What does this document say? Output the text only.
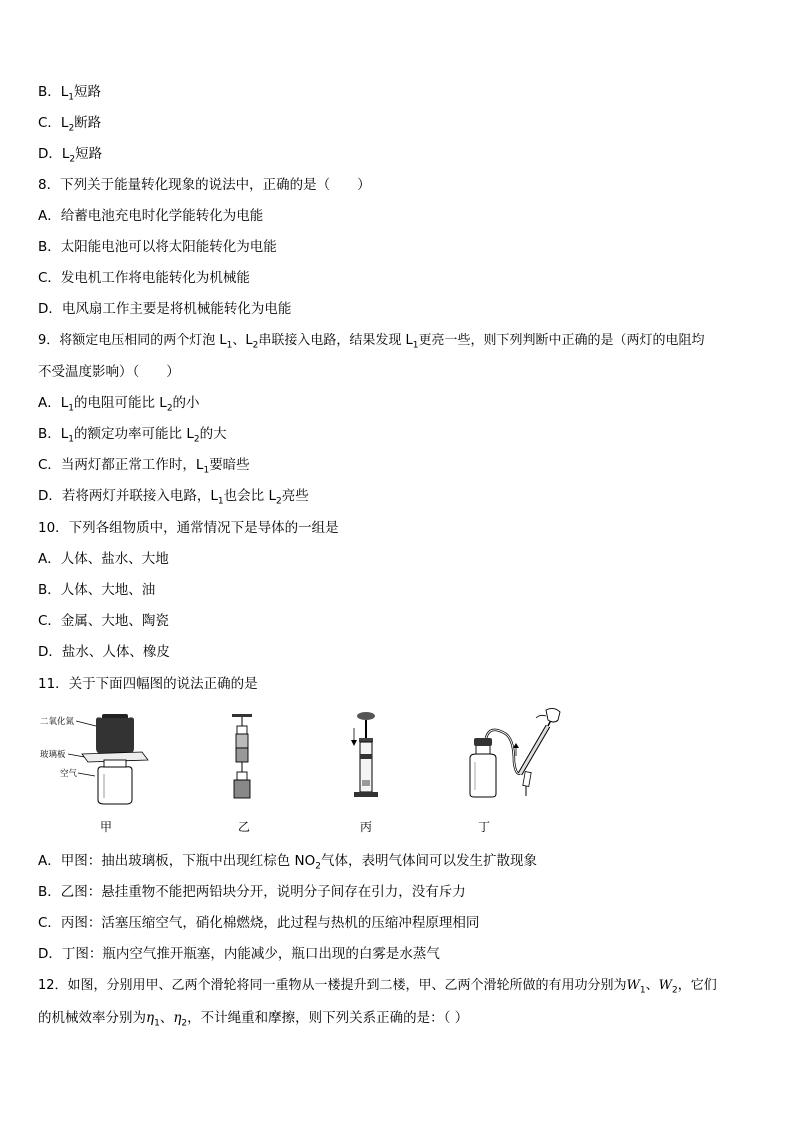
B．$L_1$短路
C．$L_2$断路
D．$L_2$短路
8．下列关于能量转化现象的说法中，正确的是（　　）
A．给蓄电池充电时化学能转化为电能
B．太阳能电池可以将太阳能转化为电能
C．发电机工作将电能转化为机械能
D．电风扇工作主要是将机械能转化为电能
9．将额定电压相同的两个灯泡 $L_1$、$L_2$串联接入电路，结果发现 $L_1$更亮一些，则下列判断中正确的是（两灯的电阻均
不受温度影响）（　　）
A．$L_1$的电阻可能比 $L_2$的小
B．$L_1$的额定功率可能比 $L_2$的大
C．当两灯都正常工作时，$L_1$要暗些
D．若将两灯并联接入电路，$L_1$也会比 $L_2$亮些
10．下列各组物质中，通常情况下是导体的一组是
A．人体、盐水、大地
B．人体、大地、油
C．金属、大地、陶瓷
D．盐水、人体、橡皮
11．关于下面四幅图的说法正确的是
二氧化氮
玻璃板
空气
甲	乙	丙	丁
A．甲图：抽出玻璃板，下瓶中出现红棕色 $NO_2$气体，表明气体间可以发生扩散现象
B．乙图：悬挂重物不能把两铅块分开，说明分子间存在引力，没有斥力
C．丙图：活塞压缩空气，硝化棉燃烧，此过程与热机的压缩冲程原理相同
D．丁图：瓶内空气推开瓶塞，内能减少，瓶口出现的白雾是水蒸气
12．如图，分别用甲、乙两个滑轮将同一重物从一楼提升到二楼，甲、乙两个滑轮所做的有用功分别为$W_1$、$W_2$，它们
的机械效率分别为$\eta_1$、$\eta_2$，不计绳重和摩擦，则下列关系正确的是：（ ）
